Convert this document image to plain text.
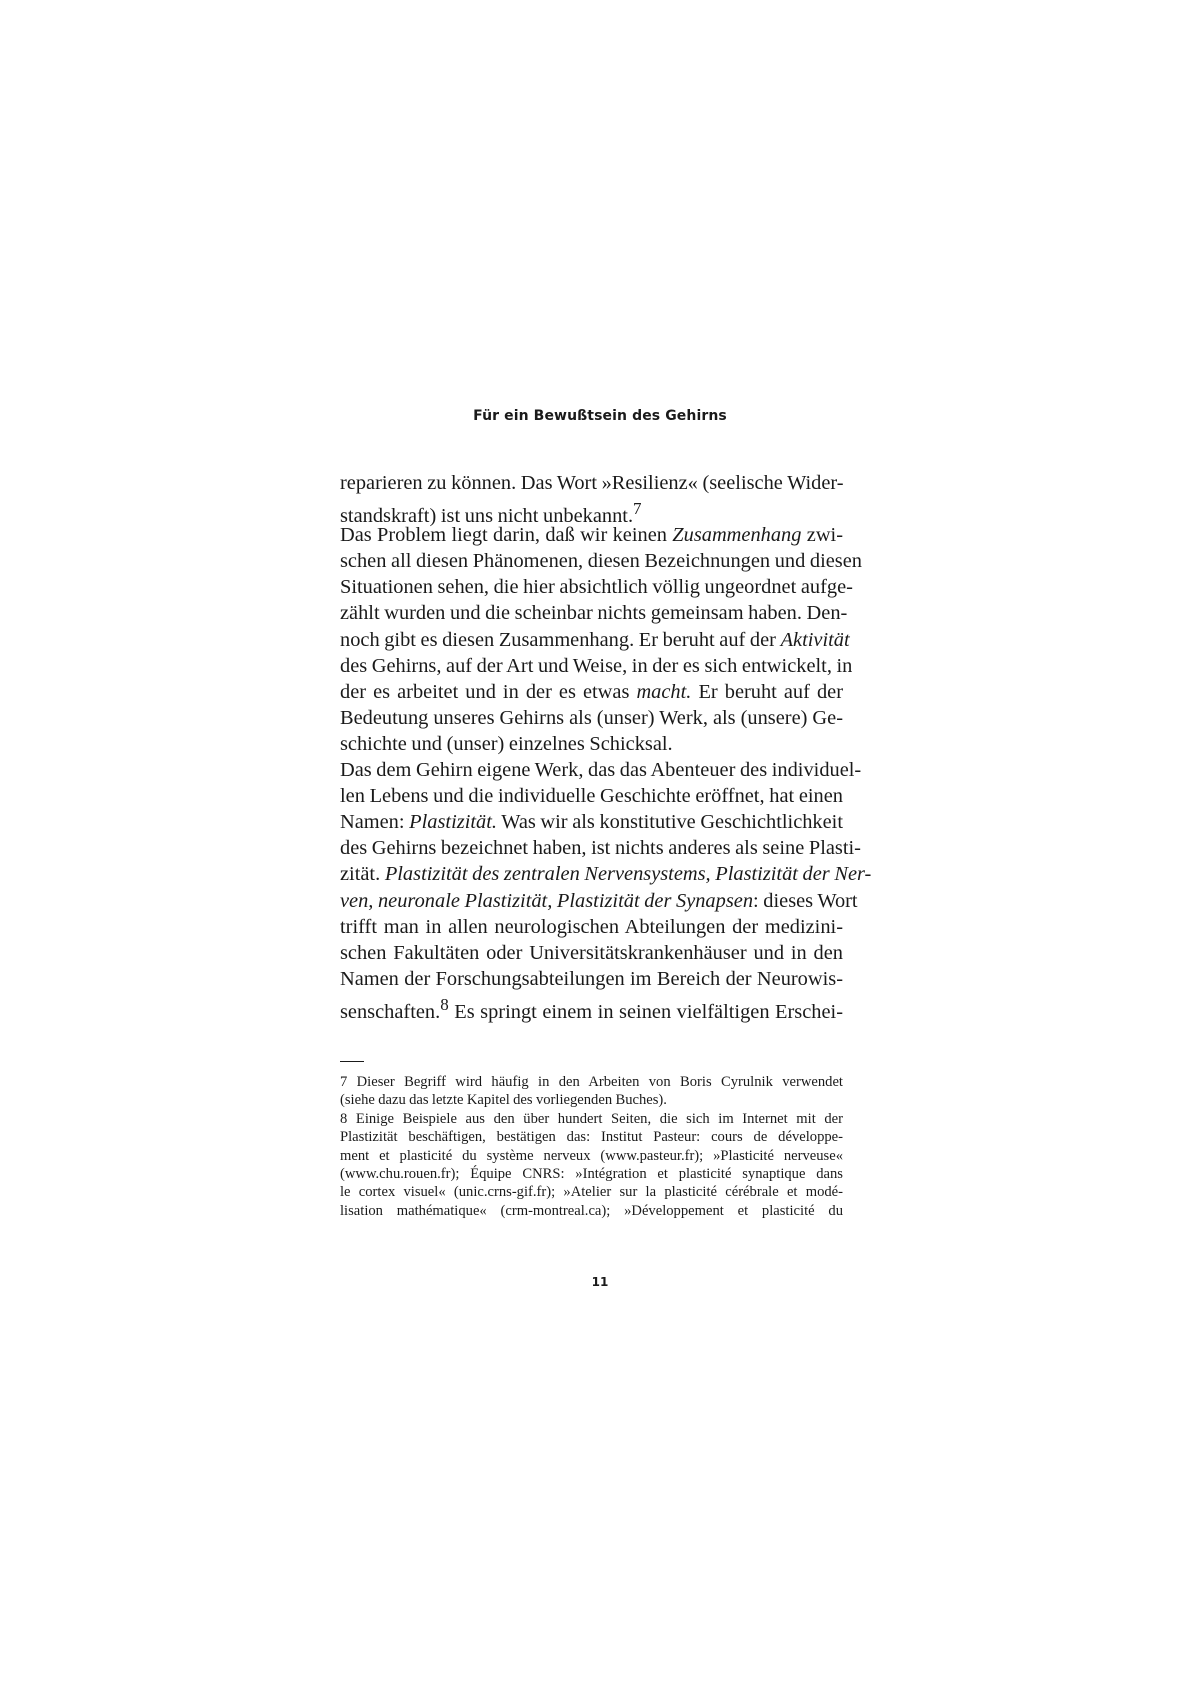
Für ein Bewußtsein des Gehirns
reparieren zu können. Das Wort »Resilienz« (seelische Wider-
standskraft) ist uns nicht unbekannt.$^7$
Das Problem liegt darin, daß wir keinen Zusammenhang zwi-
schen all diesen Phänomenen, diesen Bezeichnungen und diesen
Situationen sehen, die hier absichtlich völlig ungeordnet aufge-
zählt wurden und die scheinbar nichts gemeinsam haben. Den-
noch gibt es diesen Zusammenhang. Er beruht auf der Aktivität
des Gehirns, auf der Art und Weise, in der es sich entwickelt, in
der es arbeitet und in der es etwas macht. Er beruht auf der
Bedeutung unseres Gehirns als (unser) Werk, als (unsere) Ge-
schichte und (unser) einzelnes Schicksal.
Das dem Gehirn eigene Werk, das das Abenteuer des individuel-
len Lebens und die individuelle Geschichte eröffnet, hat einen
Namen: Plastizität. Was wir als konstitutive Geschichtlichkeit
des Gehirns bezeichnet haben, ist nichts anderes als seine Plasti-
zität. Plastizität des zentralen Nervensystems, Plastizität der Ner-
ven, neuronale Plastizität, Plastizität der Synapsen: dieses Wort
trifft man in allen neurologischen Abteilungen der medizini-
schen Fakultäten oder Universitätskrankenhäuser und in den
Namen der Forschungsabteilungen im Bereich der Neurowis-
senschaften.$^8$ Es springt einem in seinen vielfältigen Erschei-
7 Dieser Begriff wird häufig in den Arbeiten von Boris Cyrulnik verwendet
(siehe dazu das letzte Kapitel des vorliegenden Buches).
8 Einige Beispiele aus den über hundert Seiten, die sich im Internet mit der
Plastizität beschäftigen, bestätigen das: Institut Pasteur: cours de développe-
ment et plasticité du système nerveux (www.pasteur.fr); »Plasticité nerveuse«
(www.chu.rouen.fr); Équipe CNRS: »Intégration et plasticité synaptique dans
le cortex visuel« (unic.crns-gif.fr); »Atelier sur la plasticité cérébrale et modé-
lisation mathématique« (crm-montreal.ca); »Développement et plasticité du
11
